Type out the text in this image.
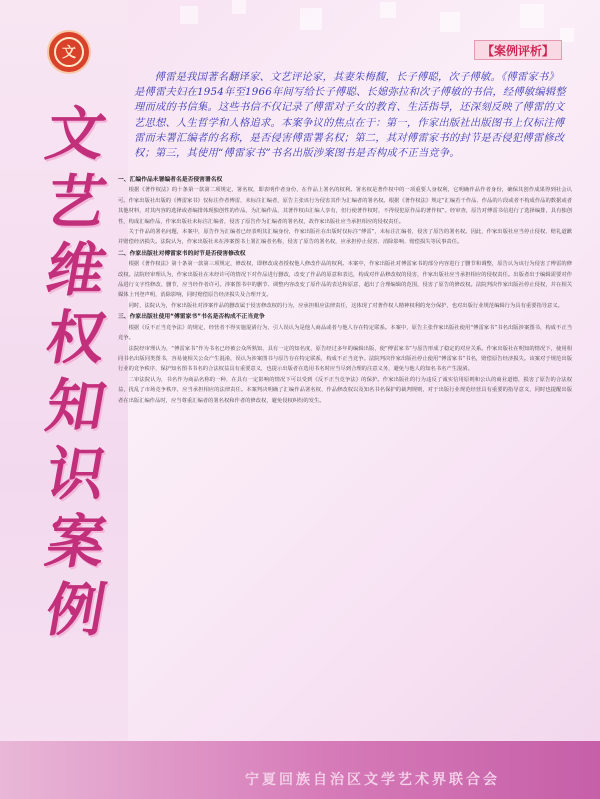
文
文
艺
维
权
知
识
案
例
【案例评析】
傅雷是我国著名翻译家、文艺评论家，其妻朱梅馥，长子傅聪，次子傅敏。《傅雷家书》是傅雷夫妇在1954年至1966年间写给长子傅聪、长媳弥拉和次子傅敏的书信，经傅敏编辑整理而成的书信集。这些书信不仅记录了傅雷对子女的教育、生活指导，还深刻反映了傅雷的文艺思想、人生哲学和人格追求。本案争议的焦点在于：第一，作家出版社出版图书上仅标注傅雷而未署汇编者的名称，是否侵害傅雷署名权；第二，其对傅雷家书的封节是否侵犯傅雷修改权；第三，其使用“傅雷家书”书名出版涉案图书是否构成不正当竞争。
一、汇编作品未署编者名是否侵害署名权

根据《著作权法》的十条第一款第二项规定，署名权，即表明作者身份，在作品上署名的权利。署名权是著作权中的一项重要人身权利，它明确作品作者身份，确保其创作成果得到社会认可。作家出版社出版的《傅雷家书》仅标注作者傅雷，未标注汇编者，原告主张该行为侵害其作为汇编者的署名权。根据《著作权法》规定“汇编若干作品、作品的片段或者不构成作品的数据或者其他材料，对其内容的选择或者编排体现独创性的作品，为汇编作品，其著作权由汇编人享有，但行使著作权时，不得侵犯原作品的著作权”。经审查，原告对傅雷书信进行了选择编排，具有独创性，构成汇编作品，作家出版社未标注汇编者，侵害了原告作为汇编者的署名权，故作家出版社应当承担相应的侵权责任。

关于作品的署名问题，本案中，原告作为汇编者已经表明其汇编身份，作家出版社在出版时仅标注“傅雷”，未标注汇编者，侵害了原告的署名权。因此，作家出版社应当停止侵权、赔礼道歉并赔偿经济损失。法院认为，作家出版社未在涉案图书上署汇编者名称，侵害了原告的署名权，应承担停止侵害、消除影响、赔偿损失等民事责任。

二、作家出版社对傅雷家书的封节是否侵害修改权

根据《著作权法》第十条第一款第三项规定，修改权，即修改或者授权他人修改作品的权利。本案中，作家出版社对傅雷家书的部分内容进行了删节和调整，原告认为该行为侵害了傅雷的修改权。法院经审理认为，作家出版社在未经许可的情况下对作品进行删改，改变了作品的原意和表达，构成对作品修改权的侵害，作家出版社应当承担相应的侵权责任。出版者出于编辑需要对作品进行文字性修改、删节，应当经作者许可。涉案图书中的删节、调整内容改变了原作品的表达和原意，超出了合理编辑的范围，侵害了原告的修改权。法院判决作家出版社停止侵权，并在相关媒体上刊登声明，消除影响，同时赔偿原告经济损失及合理开支。

同时，法院认为，作家出版社对涉案作品的删改属于侵害修改权的行为，应承担相应法律责任，这体现了对著作权人精神权利的充分保护，也对出版行业规范编辑行为具有重要指导意义。

三、作家出版社使用“傅雷家书”书名是否构成不正当竞争

根据《反不正当竞争法》的规定，经营者不得实施混淆行为，引人误认为是他人商品或者与他人存在特定联系。本案中，原告主张作家出版社使用“傅雷家书”书名出版涉案图书，构成不正当竞争。

法院经审理认为，“傅雷家书”作为书名已经被公众所熟知，具有一定的知名度，原告经过多年的编辑出版，使“傅雷家书”与原告形成了稳定的对应关系。作家出版社在明知的情况下，使用相同书名出版同类图书，容易使相关公众产生混淆，误认为涉案图书与原告存在特定联系，构成不正当竞争。法院判决作家出版社停止使用“傅雷家书”书名，赔偿原告经济损失。该案对于规范出版行业的竞争秩序，保护知名图书书名的合法权益具有重要意义，也提示出版者在选用书名时应当尽到合理的注意义务，避免与他人的知名书名产生混淆。

二审法院认为，书名作为商品名称的一种，在具有一定影响的情况下可以受到《反不正当竞争法》的保护。作家出版社的行为违反了诚实信用原则和公认的商业道德，损害了原告的合法权益，扰乱了市场竞争秩序，应当承担相应的法律责任。本案判决明确了汇编作品署名权、作品修改权以及知名书名保护的裁判规则，对于出版行业规范经营具有重要的指导意义，同时也提醒出版者在出版汇编作品时，应当尊重汇编者的署名权和作者的修改权，避免侵权纠纷的发生。

宁夏回族自治区文学艺术界联合会
